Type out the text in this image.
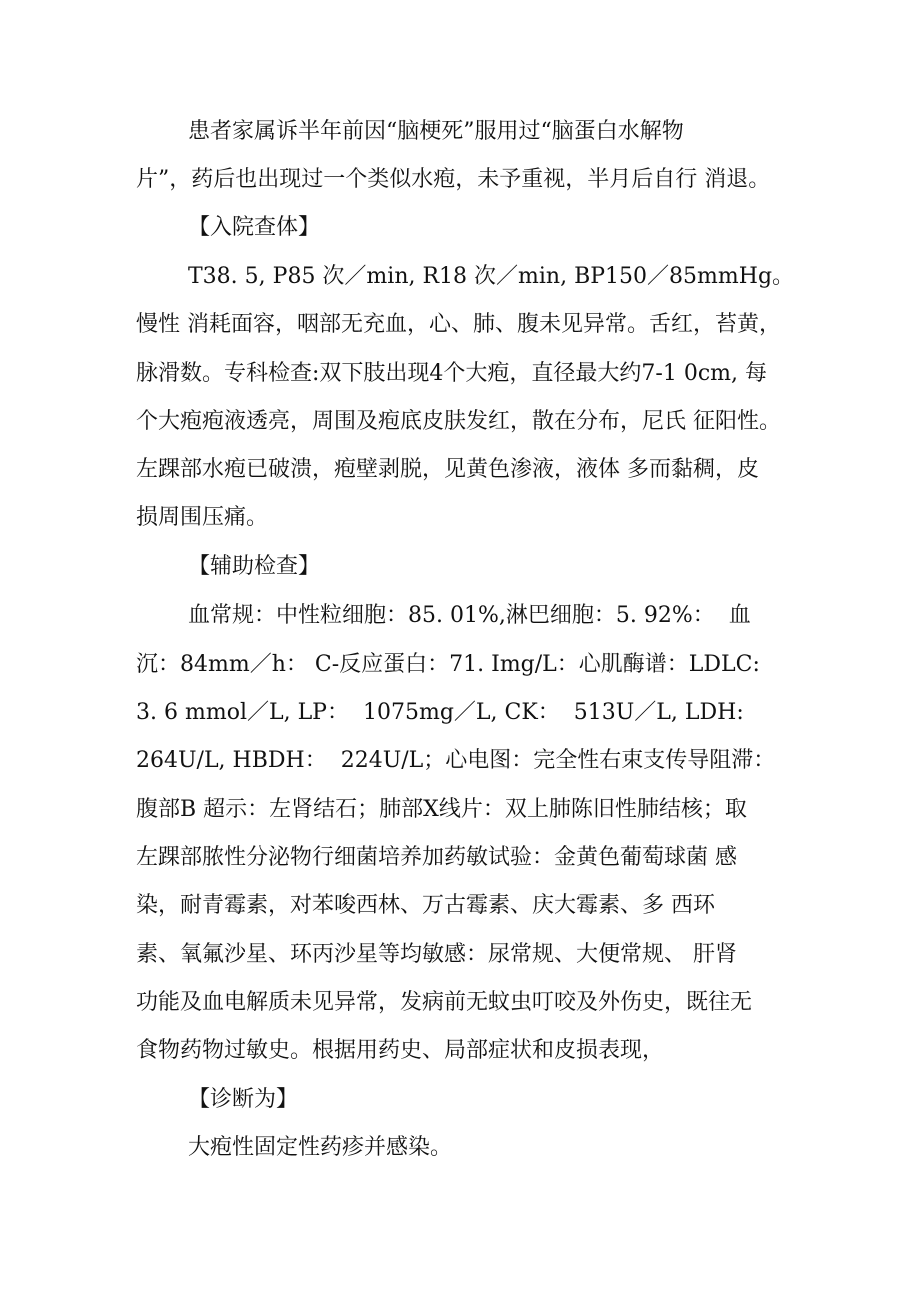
患者家属诉半年前因“脑梗死”服用过“脑蛋白水解物
片”，药后也出现过一个类似水疱，未予重视，半月后自行 消退。
【入院查体】
T38. 5, P85 次／min, R18 次／min, BP150／85mmHg。
慢性 消耗面容，咽部无充血，心、肺、腹未见异常。舌红，苔黄，
脉滑数。专科检查:双下肢出现4个大疱，直径最大约7-1 0cm, 每
个大疱疱液透亮，周围及疱底皮肤发红，散在分布，尼氏 征阳性。
左踝部水疱已破溃，疱壁剥脱，见黄色渗液，液体 多而黏稠，皮
损周围压痛。
【辅助检查】
血常规：中性粒细胞：85. 01%,淋巴细胞：5. 92%：  血
沉：84mm／h： C-反应蛋白：71. Img/L：心肌酶谱：LDLC:
3. 6 mmol／L, LP：  1075mg／L, CK：  513U／L, LDH:
264U/L, HBDH：  224U/L；心电图：完全性右束支传导阻滞：
腹部B 超示：左肾结石；肺部X线片：双上肺陈旧性肺结核；取
左踝部脓性分泌物行细菌培养加药敏试验：金黄色葡萄球菌 感
染，耐青霉素，对苯唆西林、万古霉素、庆大霉素、多 西环
素、氧氟沙星、环丙沙星等均敏感：尿常规、大便常规、 肝肾
功能及血电解质未见异常，发病前无蚊虫叮咬及外伤史，既往无
食物药物过敏史。根据用药史、局部症状和皮损表现，
【诊断为】
大疱性固定性药疹并感染。
